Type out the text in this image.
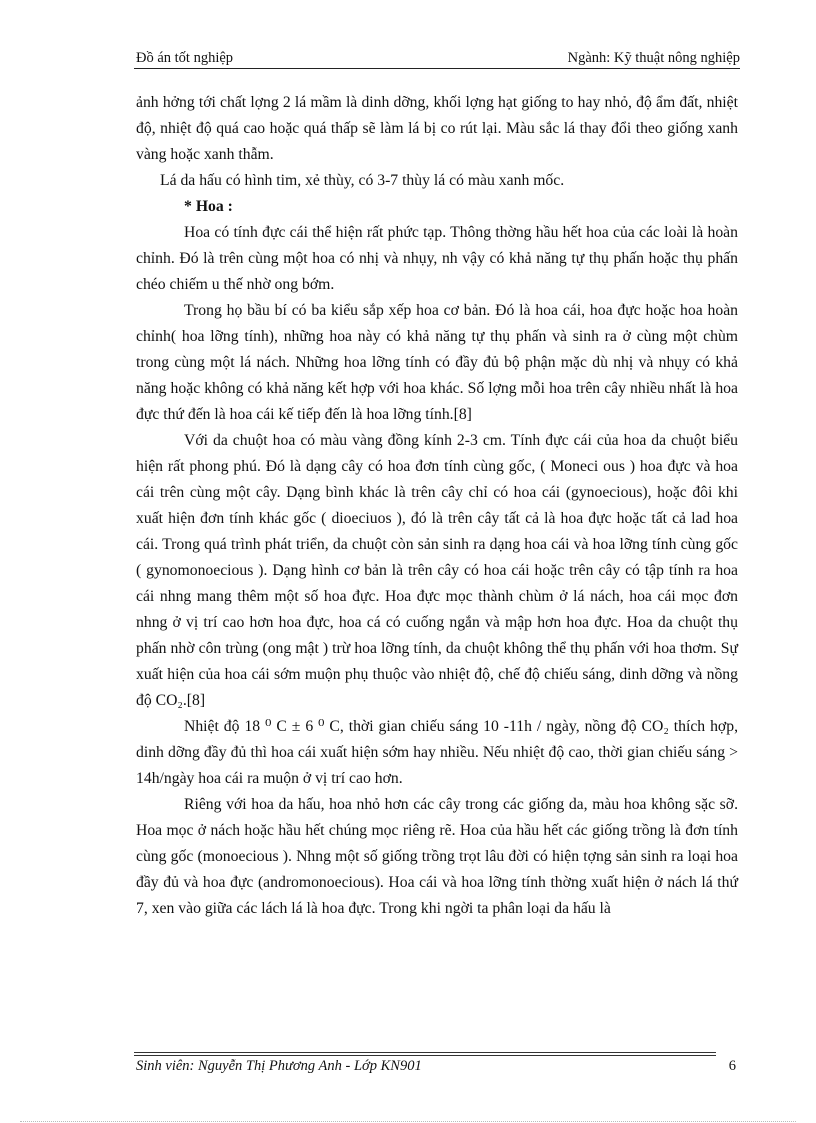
Đồ án tốt nghiệp	Ngành: Kỹ thuật nông nghiệp

ảnh hởng tới chất lợng 2 lá mầm là dinh dỡng, khối lợng hạt giống to hay nhỏ, độ ẩm đất, nhiệt độ, nhiệt độ quá cao hoặc quá thấp sẽ làm lá bị co rút lại. Màu sắc lá thay đổi theo giống xanh vàng hoặc xanh thẫm.

Lá da hấu có hình tim, xẻ thùy, có 3-7 thùy lá có màu xanh mốc.

* Hoa :

Hoa có tính đực cái thể hiện rất phức tạp. Thông thờng hầu hết hoa của các loài là hoàn chỉnh. Đó là trên cùng một hoa có nhị và nhụy, nh vậy có khả năng tự thụ phấn hoặc thụ phấn chéo chiếm u thế nhờ ong bớm.

Trong họ bầu bí có ba kiểu sắp xếp hoa cơ bản. Đó là hoa cái, hoa đực hoặc hoa hoàn chỉnh( hoa lỡng tính), những hoa này có khả năng tự thụ phấn và sinh ra ở cùng một chùm trong cùng một lá nách. Những hoa lỡng tính có đầy đủ bộ phận mặc dù nhị và nhụy có khả năng hoặc không có khả năng kết hợp với hoa khác. Số lợng mỗi hoa trên cây nhiều nhất là hoa đực thứ đến là hoa cái kế tiếp đến là hoa lỡng tính.[8]

Với da chuột hoa có màu vàng đồng kính 2-3 cm. Tính đực cái của hoa da chuột biểu hiện rất phong phú. Đó là dạng cây có hoa đơn tính cùng gốc, ( Moneci ous ) hoa đực và hoa cái trên cùng một cây. Dạng bình khác là trên cây chỉ có hoa cái (gynoecious), hoặc đôi khi xuất hiện đơn tính khác gốc ( dioeciuos ), đó là trên cây tất cả là hoa đực hoặc tất cả lad hoa cái. Trong quá trình phát triển, da chuột còn sản sinh ra dạng hoa cái và hoa lỡng tính cùng gốc ( gynomonoecious ). Dạng hình cơ bản là trên cây có hoa cái hoặc trên cây có tập tính ra hoa cái nhng mang thêm một số hoa đực. Hoa đực mọc thành chùm ở lá nách, hoa cái mọc đơn nhng ở vị trí cao hơn hoa đực, hoa cá có cuống ngắn và mập hơn hoa đực. Hoa da chuột thụ phấn nhờ côn trùng (ong mật ) trừ hoa lỡng tính, da chuột không thể thụ phấn với hoa thơm. Sự xuất hiện của hoa cái sớm muộn phụ thuộc vào nhiệt độ, chế độ chiếu sáng, dinh dỡng và nồng độ CO₂.[8]

Nhiệt độ 18 ⁰ C ± 6 ⁰ C, thời gian chiếu sáng 10 -11h / ngày, nồng độ CO₂ thích hợp, dinh dỡng đầy đủ thì hoa cái xuất hiện sớm hay nhiều. Nếu nhiệt độ cao, thời gian chiếu sáng > 14h/ngày hoa cái ra muộn ở vị trí cao hơn.

Riêng với hoa da hấu, hoa nhỏ hơn các cây trong các giống da, màu hoa không sặc sỡ. Hoa mọc ở nách hoặc hầu hết chúng mọc riêng rẽ. Hoa của hầu hết các giống trồng là đơn tính cùng gốc (monoecious ). Nhng một số giống trồng trọt lâu đời có hiện tợng sản sinh ra loại hoa đầy đủ và hoa đực (andromonoecious). Hoa cái và hoa lỡng tính thờng xuất hiện ở nách lá thứ 7, xen vào giữa các lách lá là hoa đực. Trong khi ngời ta phân loại da hấu là

Sinh viên: Nguyễn Thị Phương Anh - Lớp KN901	6
